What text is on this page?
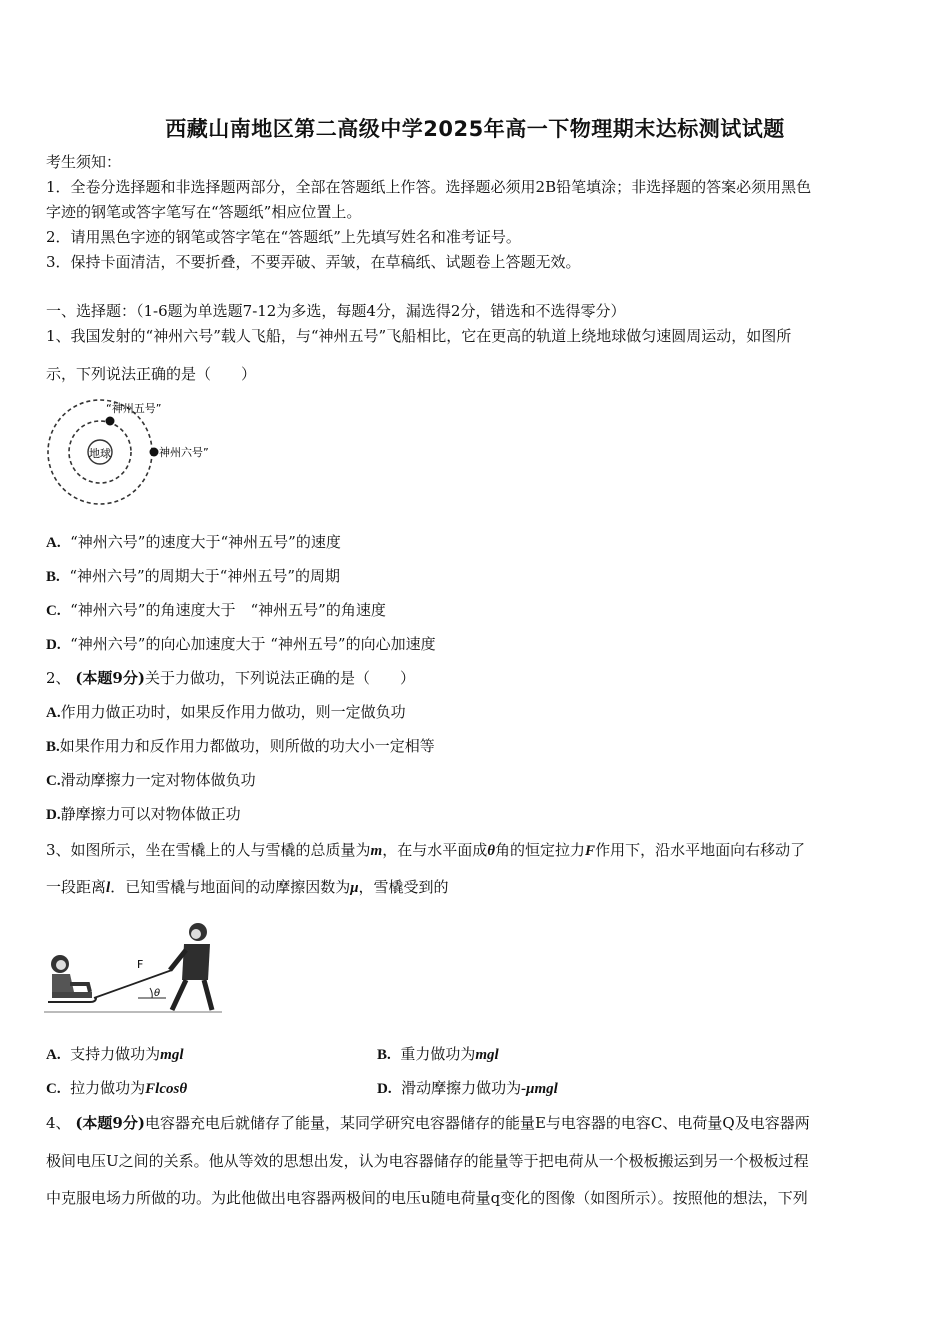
西藏山南地区第二高级中学2025年高一下物理期末达标测试试题
考生须知：
1．全卷分选择题和非选择题两部分，全部在答题纸上作答。选择题必须用2B铅笔填涂；非选择题的答案必须用黑色
字迹的钢笔或答字笔写在“答题纸”相应位置上。
2．请用黑色字迹的钢笔或答字笔在“答题纸”上先填写姓名和准考证号。
3．保持卡面清洁，不要折叠，不要弄破、弄皱，在草稿纸、试题卷上答题无效。
一、选择题：（1-6题为单选题7-12为多选，每题4分，漏选得2分，错选和不选得零分）
1、我国发射的“神州六号”载人飞船，与“神州五号”飞船相比，它在更高的轨道上绕地球做匀速圆周运动，如图所
示，下列说法正确的是（　　）
地球
“神州五号”
神州六号”
A. “神州六号”的速度大于“神州五号”的速度
B. “神州六号”的周期大于“神州五号”的周期
C. “神州六号”的角速度大于　“神州五号”的角速度
D. “神州六号”的向心加速度大于 “神州五号”的向心加速度
2、 (本题9分)关于力做功，下列说法正确的是（　　）
A.作用力做正功时，如果反作用力做功，则一定做负功
B.如果作用力和反作用力都做功，则所做的功大小一定相等
C.滑动摩擦力一定对物体做负功
D.静摩擦力可以对物体做正功
3、如图所示，坐在雪橇上的人与雪橇的总质量为m，在与水平面成θ角的恒定拉力F作用下，沿水平地面向右移动了
一段距离l．已知雪橇与地面间的动摩擦因数为μ，雪橇受到的
θ
F
A. 支持力做功为mgl	B. 重力做功为mgl
C. 拉力做功为Flcosθ	D. 滑动摩擦力做功为-μmgl
4、 (本题9分)电容器充电后就储存了能量，某同学研究电容器储存的能量E与电容器的电容C、电荷量Q及电容器两
极间电压U之间的关系。他从等效的思想出发，认为电容器储存的能量等于把电荷从一个极板搬运到另一个极板过程
中克服电场力所做的功。为此他做出电容器两极间的电压u随电荷量q变化的图像（如图所示）。按照他的想法，下列
